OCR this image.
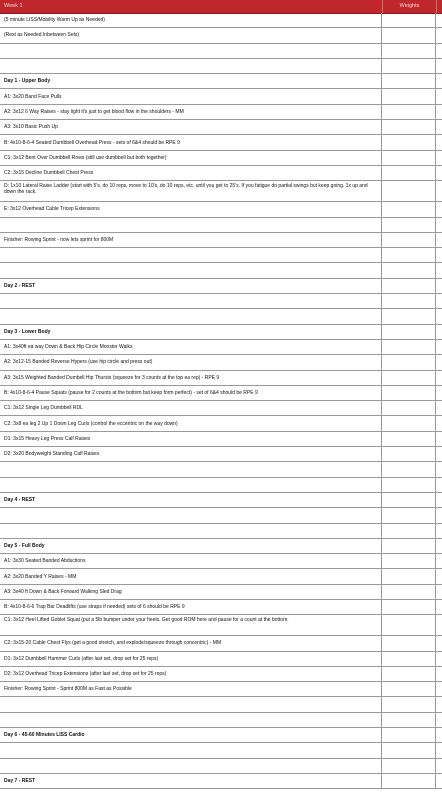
Week 1	Weights
(5 minute LISS/Mobility Warm Up as Needed)
(Rest as Needed Inbetween Sets)
Day 1 - Upper Body
A1: 3x20 Band Face Pulls
A2: 3x12 6 Way Raises - stay light it's just to get blood flow in the shoulders - MM
A3: 3x10 Basic Push Up
B: 4x10-8-6-4 Seated Dumbbell Overhead Press - sets of 6&4 should be RPE 9
C1: 3x12 Bent Over Dumbbell Rows (still use dumbbell but both together)
C2: 3x15 Decline Dumbbell Chest Press
D: 1x10 Lateral Raise Ladder (start with 5's, do 10 reps, move to 10's, do 10 reps, etc. until you get to 25's. If you fatigue do partial swings but keep going. 1x up and down the rack.
E: 3x12 Overhead Cable Tricep Extensions
Finisher: Rowing Sprint - now lets sprint for 800M
Day 2 - REST
Day 3 - Lower Body
A1: 3x40ft ea way Down & Back Hip Circle Monster Walks
A2: 3x12-15 Banded Reverse Hypers (use hip circle and press out)
A3: 3x15 Weighted Banded Dumbell Hip Thursts (squeeze for 3 counts at the top ea rep) - RPE 9
B: 4x10-8-6-4 Pause Squats (pause for 2 counts at the bottom but keep form perfect) - set of 6&4 should be RPE 9
C1: 3x12 Single Leg Dumbbell RDL
C2: 3x8 ea leg 2 Up 1 Down Leg Curls (control the eccentric on the way down)
D1: 3x15 Heavy Leg Press Calf Raises
D2: 3x20 Bodyweight Standing Calf Raises
Day 4 - REST
Day 5 - Full Body
A1: 3x30 Seated Banded Abductions
A2: 3x20 Banded Y Raises - MM
A3: 3x40 ft Down & Back Forward Walking Sled Drag
B: 4x10-8-6-6 Trap Bar Deadlifts (use straps if needed) sets of 6 should be RPE 9
C1: 3x12 Heel Lifted Goblet Squat (put a 5lb bumper under your heels. Get good ROM here and pause for a count at the bottom.
C2: 3x15-20 Cable Chest Flys (get a good stretch, and explode/squeeze through concentric) - MM
D1: 3x12 Dumbbell Hammer Curls (after last set, drop set for 25 reps)
D2: 3x12 Overhead Tricep Extensions (after last set, drop set for 25 reps)
Finisher: Rowing Sprint - Sprint 800M as Fast as Possible
Day 6 - 45-60 Minutes LISS Cardio
Day 7 - REST
